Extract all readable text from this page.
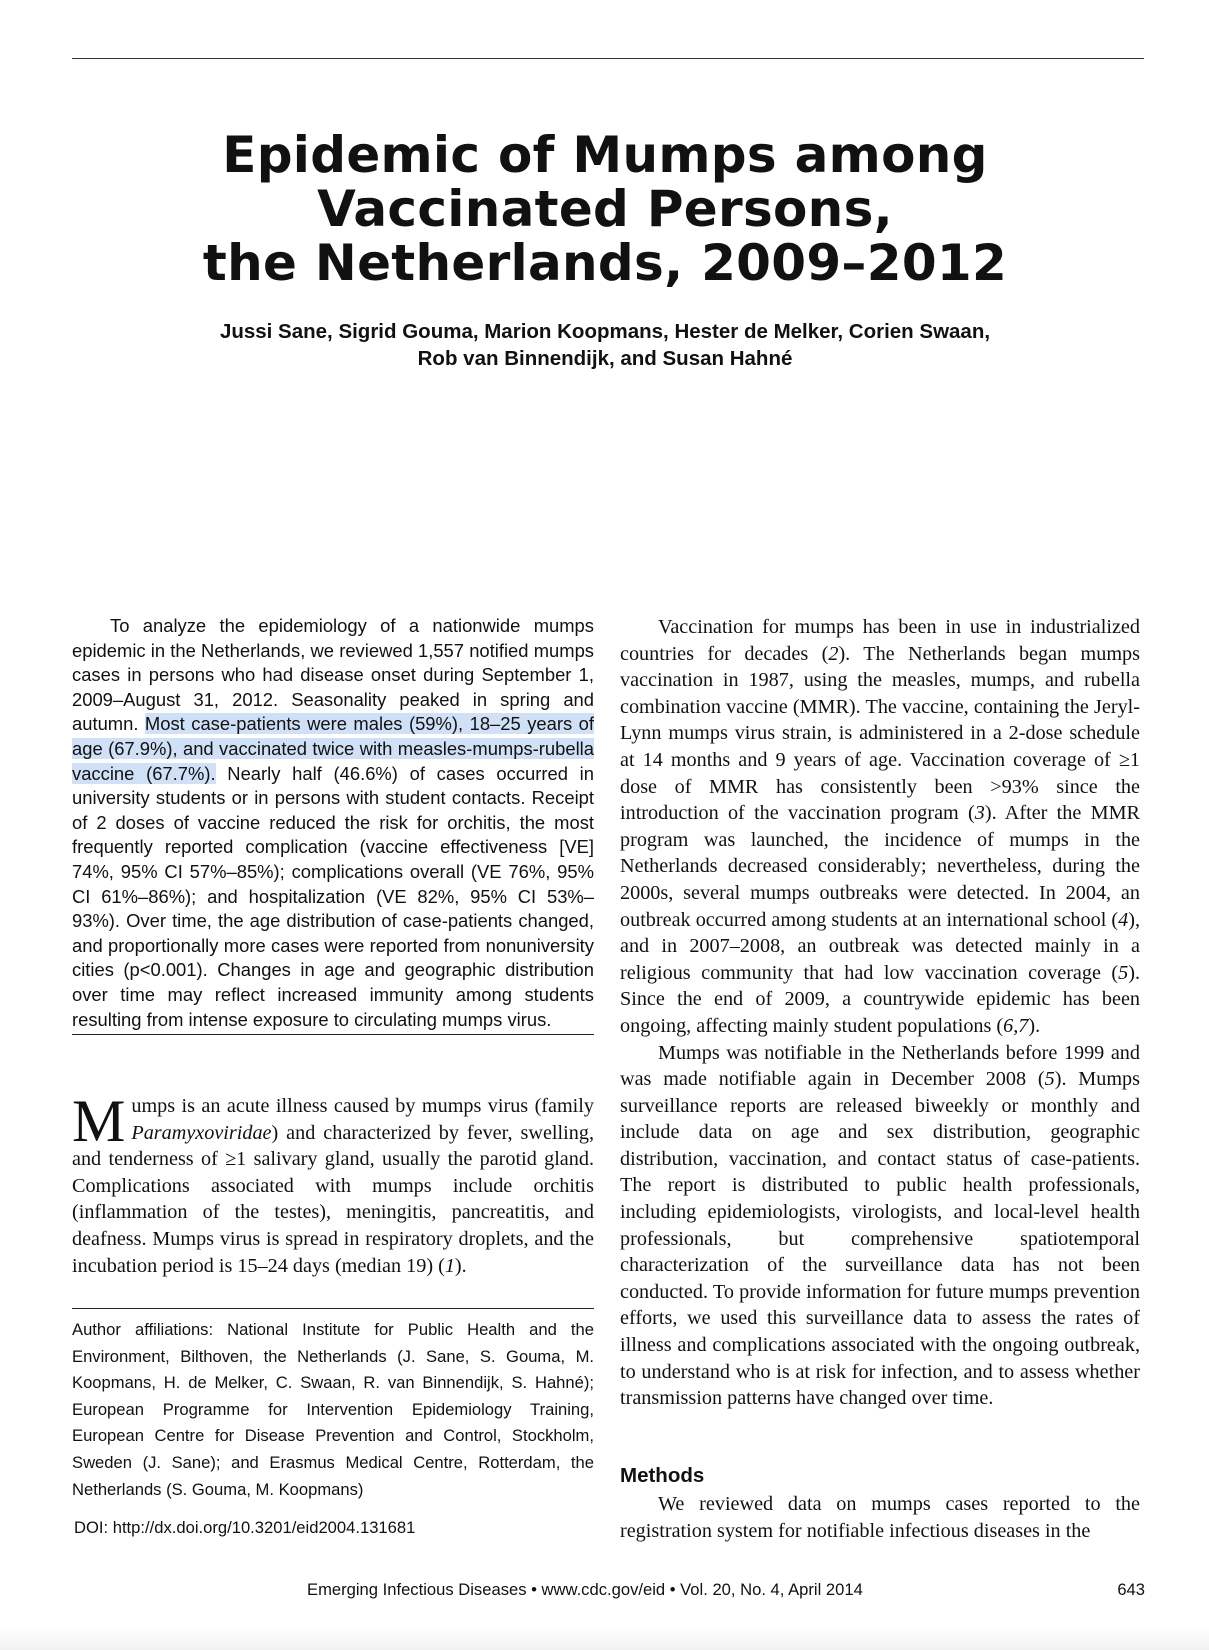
Epidemic of Mumps among
Vaccinated Persons,
the Netherlands, 2009–2012

Jussi Sane, Sigrid Gouma, Marion Koopmans, Hester de Melker, Corien Swaan,
Rob van Binnendijk, and Susan Hahné

To analyze the epidemiology of a nationwide mumps epidemic in the Netherlands, we reviewed 1,557 notified mumps cases in persons who had disease onset during September 1, 2009–August 31, 2012. Seasonality peaked in spring and autumn. Most case-patients were males (59%), 18–25 years of age (67.9%), and vaccinated twice with measles-mumps-rubella vaccine (67.7%). Nearly half (46.6%) of cases occurred in university students or in persons with student contacts. Receipt of 2 doses of vaccine reduced the risk for orchitis, the most frequently reported complication (vaccine effectiveness [VE] 74%, 95% CI 57%–85%); complications overall (VE 76%, 95% CI 61%–86%); and hospitalization (VE 82%, 95% CI 53%–93%). Over time, the age distribution of case-patients changed, and proportionally more cases were reported from nonuniversity cities (p<0.001). Changes in age and geographic distribution over time may reflect increased immunity among students resulting from intense exposure to circulating mumps virus.

Mumps is an acute illness caused by mumps virus (family Paramyxoviridae) and characterized by fever, swelling, and tenderness of ≥1 salivary gland, usually the parotid gland. Complications associated with mumps include orchitis (inflammation of the testes), meningitis, pancreatitis, and deafness. Mumps virus is spread in respiratory droplets, and the incubation period is 15–24 days (median 19) (1).

Author affiliations: National Institute for Public Health and the Environment, Bilthoven, the Netherlands (J. Sane, S. Gouma, M. Koopmans, H. de Melker, C. Swaan, R. van Binnendijk, S. Hahné); European Programme for Intervention Epidemiology Training, European Centre for Disease Prevention and Control, Stockholm, Sweden (J. Sane); and Erasmus Medical Centre, Rotterdam, the Netherlands (S. Gouma, M. Koopmans)

DOI: http://dx.doi.org/10.3201/eid2004.131681

Vaccination for mumps has been in use in industrialized countries for decades (2). The Netherlands began mumps vaccination in 1987, using the measles, mumps, and rubella combination vaccine (MMR). The vaccine, containing the Jeryl-Lynn mumps virus strain, is administered in a 2-dose schedule at 14 months and 9 years of age. Vaccination coverage of ≥1 dose of MMR has consistently been >93% since the introduction of the vaccination program (3). After the MMR program was launched, the incidence of mumps in the Netherlands decreased considerably; nevertheless, during the 2000s, several mumps outbreaks were detected. In 2004, an outbreak occurred among students at an international school (4), and in 2007–2008, an outbreak was detected mainly in a religious community that had low vaccination coverage (5). Since the end of 2009, a countrywide epidemic has been ongoing, affecting mainly student populations (6,7).

Mumps was notifiable in the Netherlands before 1999 and was made notifiable again in December 2008 (5). Mumps surveillance reports are released biweekly or monthly and include data on age and sex distribution, geographic distribution, vaccination, and contact status of case-patients. The report is distributed to public health professionals, including epidemiologists, virologists, and local-level health professionals, but comprehensive spatiotemporal characterization of the surveillance data has not been conducted. To provide information for future mumps prevention efforts, we used this surveillance data to assess the rates of illness and complications associated with the ongoing outbreak, to understand who is at risk for infection, and to assess whether transmission patterns have changed over time.

Methods

We reviewed data on mumps cases reported to the registration system for notifiable infectious diseases in the

Emerging Infectious Diseases • www.cdc.gov/eid • Vol. 20, No. 4, April 2014	643
